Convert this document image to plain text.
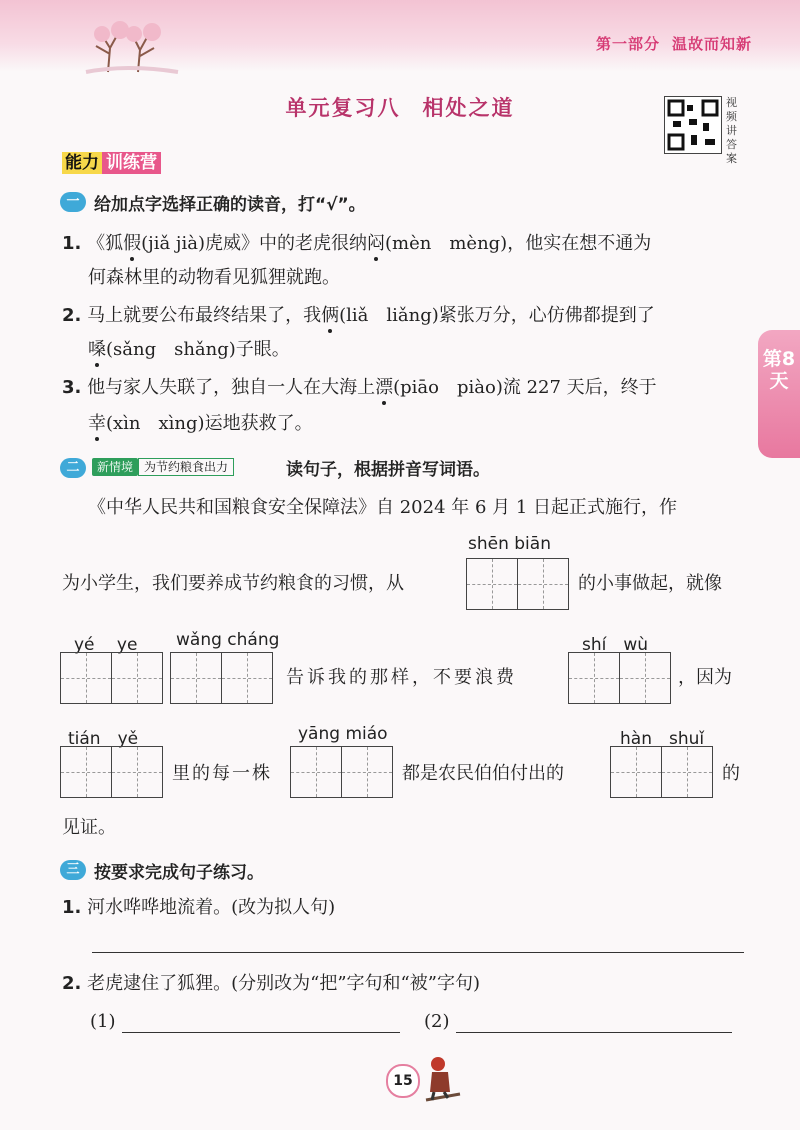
第一部分 温故而知新
单元复习八 相处之道	视频讲答案
能力 训练营
第8天
一 给加点字选择正确的读音，打“√”。
1. 《狐假(jiǎ jià)虎威》中的老虎很纳闷(mèn　mèng)，他实在想不通为
何森林里的动物看见狐狸就跑。
2. 马上就要公布最终结果了，我俩(liǎ　liǎng)紧张万分，心仿佛都提到了
嗓(sǎng　shǎng)子眼。
3. 他与家人失联了，独自一人在大海上漂(piāo　piào)流 227 天后，终于
幸(xìn　xìng)运地获救了。
二	新情境 为节约粮食出力	读句子，根据拼音写词语。
《中华人民共和国粮食安全保障法》自 2024 年 6 月 1 日起正式施行，作
shēn biān
为小学生，我们要养成节约粮食的习惯，从	的小事做起，就像
yé　 ye wǎng cháng
告诉我的那样，不要浪费
shí　wù
，因为
tián　yě
里的每一株
yāng miáo
都是农民伯伯付出的
hàn　shuǐ
的
见证。
三 按要求完成句子练习。
1. 河水哗哗地流着。(改为拟人句)
2. 老虎逮住了狐狸。(分别改为“把”字句和“被”字句)
(1)	(2)
15
